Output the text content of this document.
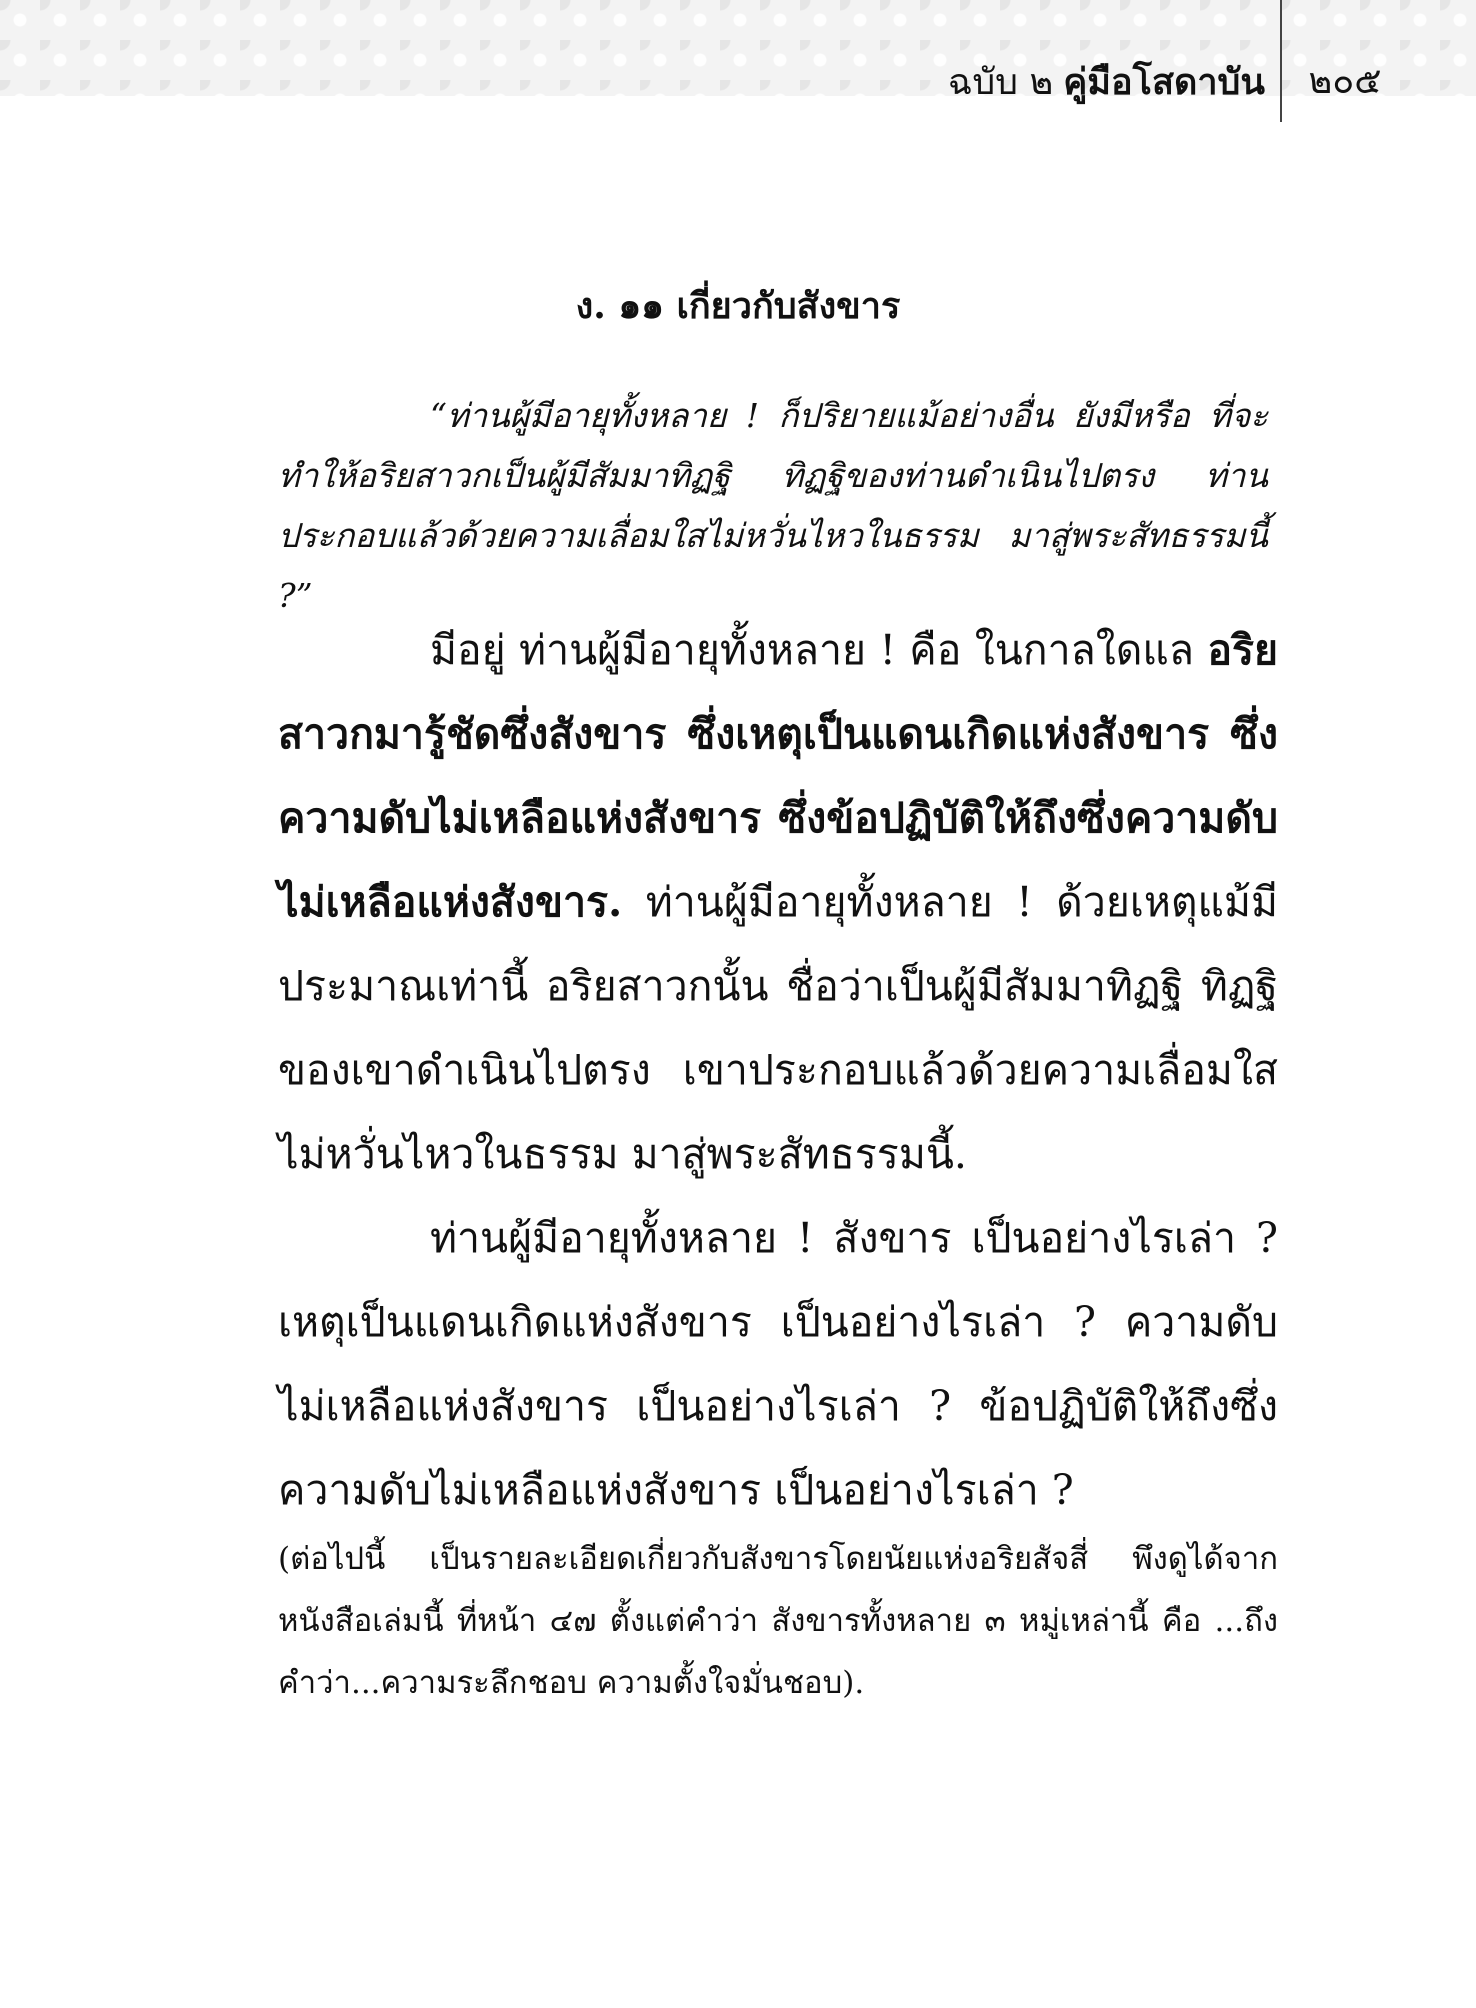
ฉบับ ๒ คู่มือโสดาบัน	๒๐๕
ง. ๑๑ เกี่ยวกับสังขาร
“ท่านผู้มีอายุทั้งหลาย ! ก็ปริยายแม้อย่างอื่น ยังมีหรือ ที่จะทำให้อริยสาวกเป็นผู้มีสัมมาทิฏฐิ ทิฏฐิของท่านดำเนินไปตรง ท่านประกอบแล้วด้วยความเลื่อมใสไม่หวั่นไหวในธรรม มาสู่พระสัทธรรมนี้ ?”
มีอยู่ ท่านผู้มีอายุทั้งหลาย ! คือ ในกาลใดแล อริยสาวกมารู้ชัดซึ่งสังขาร ซึ่งเหตุเป็นแดนเกิดแห่งสังขาร ซึ่งความดับไม่เหลือแห่งสังขาร ซึ่งข้อปฏิบัติให้ถึงซึ่งความดับไม่เหลือแห่งสังขาร. ท่านผู้มีอายุทั้งหลาย ! ด้วยเหตุแม้มีประมาณเท่านี้ อริยสาวกนั้น ชื่อว่าเป็นผู้มีสัมมาทิฏฐิ ทิฏฐิของเขาดำเนินไปตรง เขาประกอบแล้วด้วยความเลื่อมใสไม่หวั่นไหวในธรรม มาสู่พระสัทธรรมนี้.
ท่านผู้มีอายุทั้งหลาย ! สังขาร เป็นอย่างไรเล่า ? เหตุเป็นแดนเกิดแห่งสังขาร เป็นอย่างไรเล่า ? ความดับไม่เหลือแห่งสังขาร เป็นอย่างไรเล่า ? ข้อปฏิบัติให้ถึงซึ่งความดับไม่เหลือแห่งสังขาร เป็นอย่างไรเล่า ?
(ต่อไปนี้ เป็นรายละเอียดเกี่ยวกับสังขารโดยนัยแห่งอริยสัจสี่ พึงดูได้จากหนังสือเล่มนี้ ที่หน้า ๔๗ ตั้งแต่คำว่า สังขารทั้งหลาย ๓ หมู่เหล่านี้ คือ ...ถึงคำว่า...ความระลึกชอบ ความตั้งใจมั่นชอบ).
